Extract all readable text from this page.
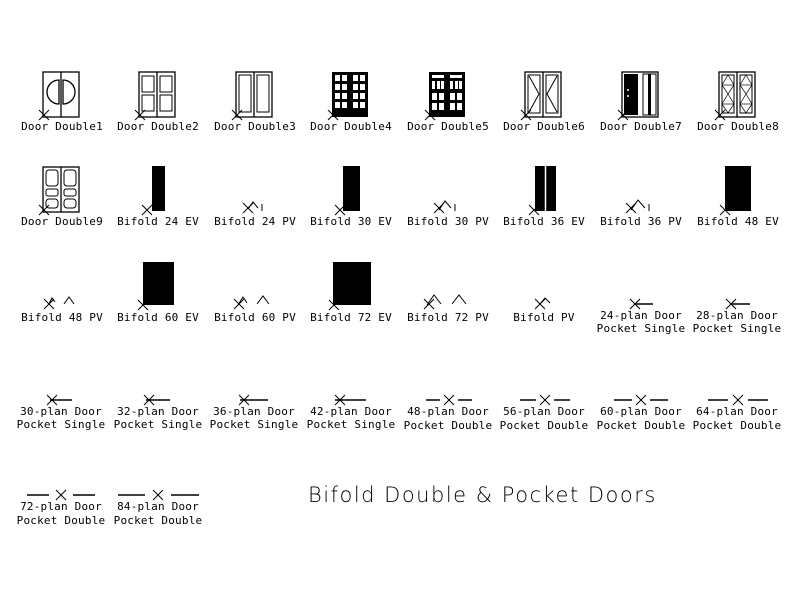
Door Double1 Door Double2 Door Double3 Door Double4 Door Double5 Door Double6 Door Double7 Door Double8
Door Double9 Bifold 24 EV Bifold 24 PV Bifold 30 EV Bifold 30 PV Bifold 36 EV Bifold 36 PV Bifold 48 EV
Bifold 48 PV Bifold 60 EV Bifold 60 PV Bifold 72 EV Bifold 72 PV	Bifold PV	24-plan Door
Pocket Single
28-plan Door
Pocket Single
30-plan Door
Pocket Single
32-plan Door
Pocket Single
36-plan Door
Pocket Single
42-plan Door
Pocket Single
48-plan Door
Pocket Double
56-plan Door
Pocket Double
60-plan Door
Pocket Double
64-plan Door
Pocket Double
72-plan Door
Pocket Double
84-plan Door
Pocket Double
Bifold Double & Pocket Doors
